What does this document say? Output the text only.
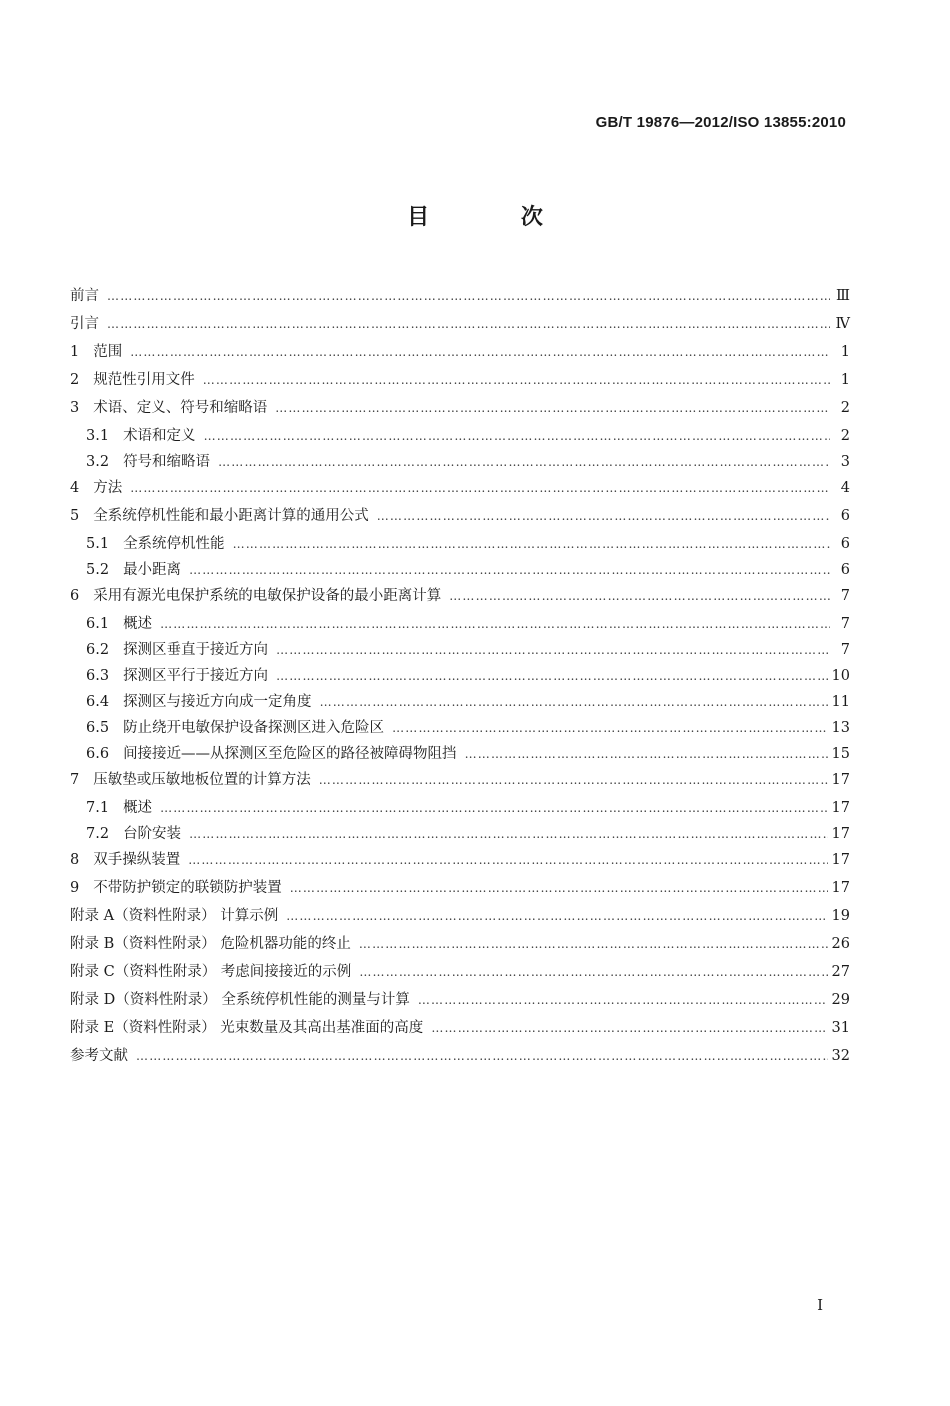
GB/T 19876—2012/ISO 13855:2010
目 次
前言 ……………………………………………………………………………………………………………………………………………………………………………………………………………………	Ⅲ
引言 ……………………………………………………………………………………………………………………………………………………………………………………………………………………	Ⅳ
1 范围 ……………………………………………………………………………………………………………………………………………………………………………………………………………………	1
2 规范性引用文件 ……………………………………………………………………………………………………………………………………………………………………………………………………………………	1
3 术语、定义、符号和缩略语 ……………………………………………………………………………………………………………………………………………………………………………………………………………………	2
3.1 术语和定义 ……………………………………………………………………………………………………………………………………………………………………………………………………………………	2
3.2 符号和缩略语 ……………………………………………………………………………………………………………………………………………………………………………………………………………………	3
4 方法 ……………………………………………………………………………………………………………………………………………………………………………………………………………………	4
5 全系统停机性能和最小距离计算的通用公式 ……………………………………………………………………………………………………………………………………………………………………………………………………………………	6
5.1 全系统停机性能 ……………………………………………………………………………………………………………………………………………………………………………………………………………………	6
5.2 最小距离 ……………………………………………………………………………………………………………………………………………………………………………………………………………………	6
6 采用有源光电保护系统的电敏保护设备的最小距离计算 ……………………………………………………………………………………………………………………………………………………………………………………………………………………	7
6.1 概述 ……………………………………………………………………………………………………………………………………………………………………………………………………………………	7
6.2 探测区垂直于接近方向 ……………………………………………………………………………………………………………………………………………………………………………………………………………………	7
6.3 探测区平行于接近方向 ……………………………………………………………………………………………………………………………………………………………………………………………………………………	10
6.4 探测区与接近方向成一定角度 ……………………………………………………………………………………………………………………………………………………………………………………………………………………	11
6.5 防止绕开电敏保护设备探测区进入危险区 ……………………………………………………………………………………………………………………………………………………………………………………………………………………	13
6.6 间接接近——从探测区至危险区的路径被障碍物阻挡 ……………………………………………………………………………………………………………………………………………………………………………………………………………………	15
7 压敏垫或压敏地板位置的计算方法 ……………………………………………………………………………………………………………………………………………………………………………………………………………………	17
7.1 概述 ……………………………………………………………………………………………………………………………………………………………………………………………………………………	17
7.2 台阶安装 ……………………………………………………………………………………………………………………………………………………………………………………………………………………	17
8 双手操纵装置 ……………………………………………………………………………………………………………………………………………………………………………………………………………………	17
9 不带防护锁定的联锁防护装置 ……………………………………………………………………………………………………………………………………………………………………………………………………………………	17
附录 A（资料性附录） 计算示例 ……………………………………………………………………………………………………………………………………………………………………………………………………………………	19
附录 B（资料性附录） 危险机器功能的终止 ……………………………………………………………………………………………………………………………………………………………………………………………………………………	26
附录 C（资料性附录） 考虑间接接近的示例 ……………………………………………………………………………………………………………………………………………………………………………………………………………………	27
附录 D（资料性附录） 全系统停机性能的测量与计算 ……………………………………………………………………………………………………………………………………………………………………………………………………………………	29
附录 E（资料性附录） 光束数量及其高出基准面的高度 ……………………………………………………………………………………………………………………………………………………………………………………………………………………	31
参考文献 ……………………………………………………………………………………………………………………………………………………………………………………………………………………	32
Ⅰ
